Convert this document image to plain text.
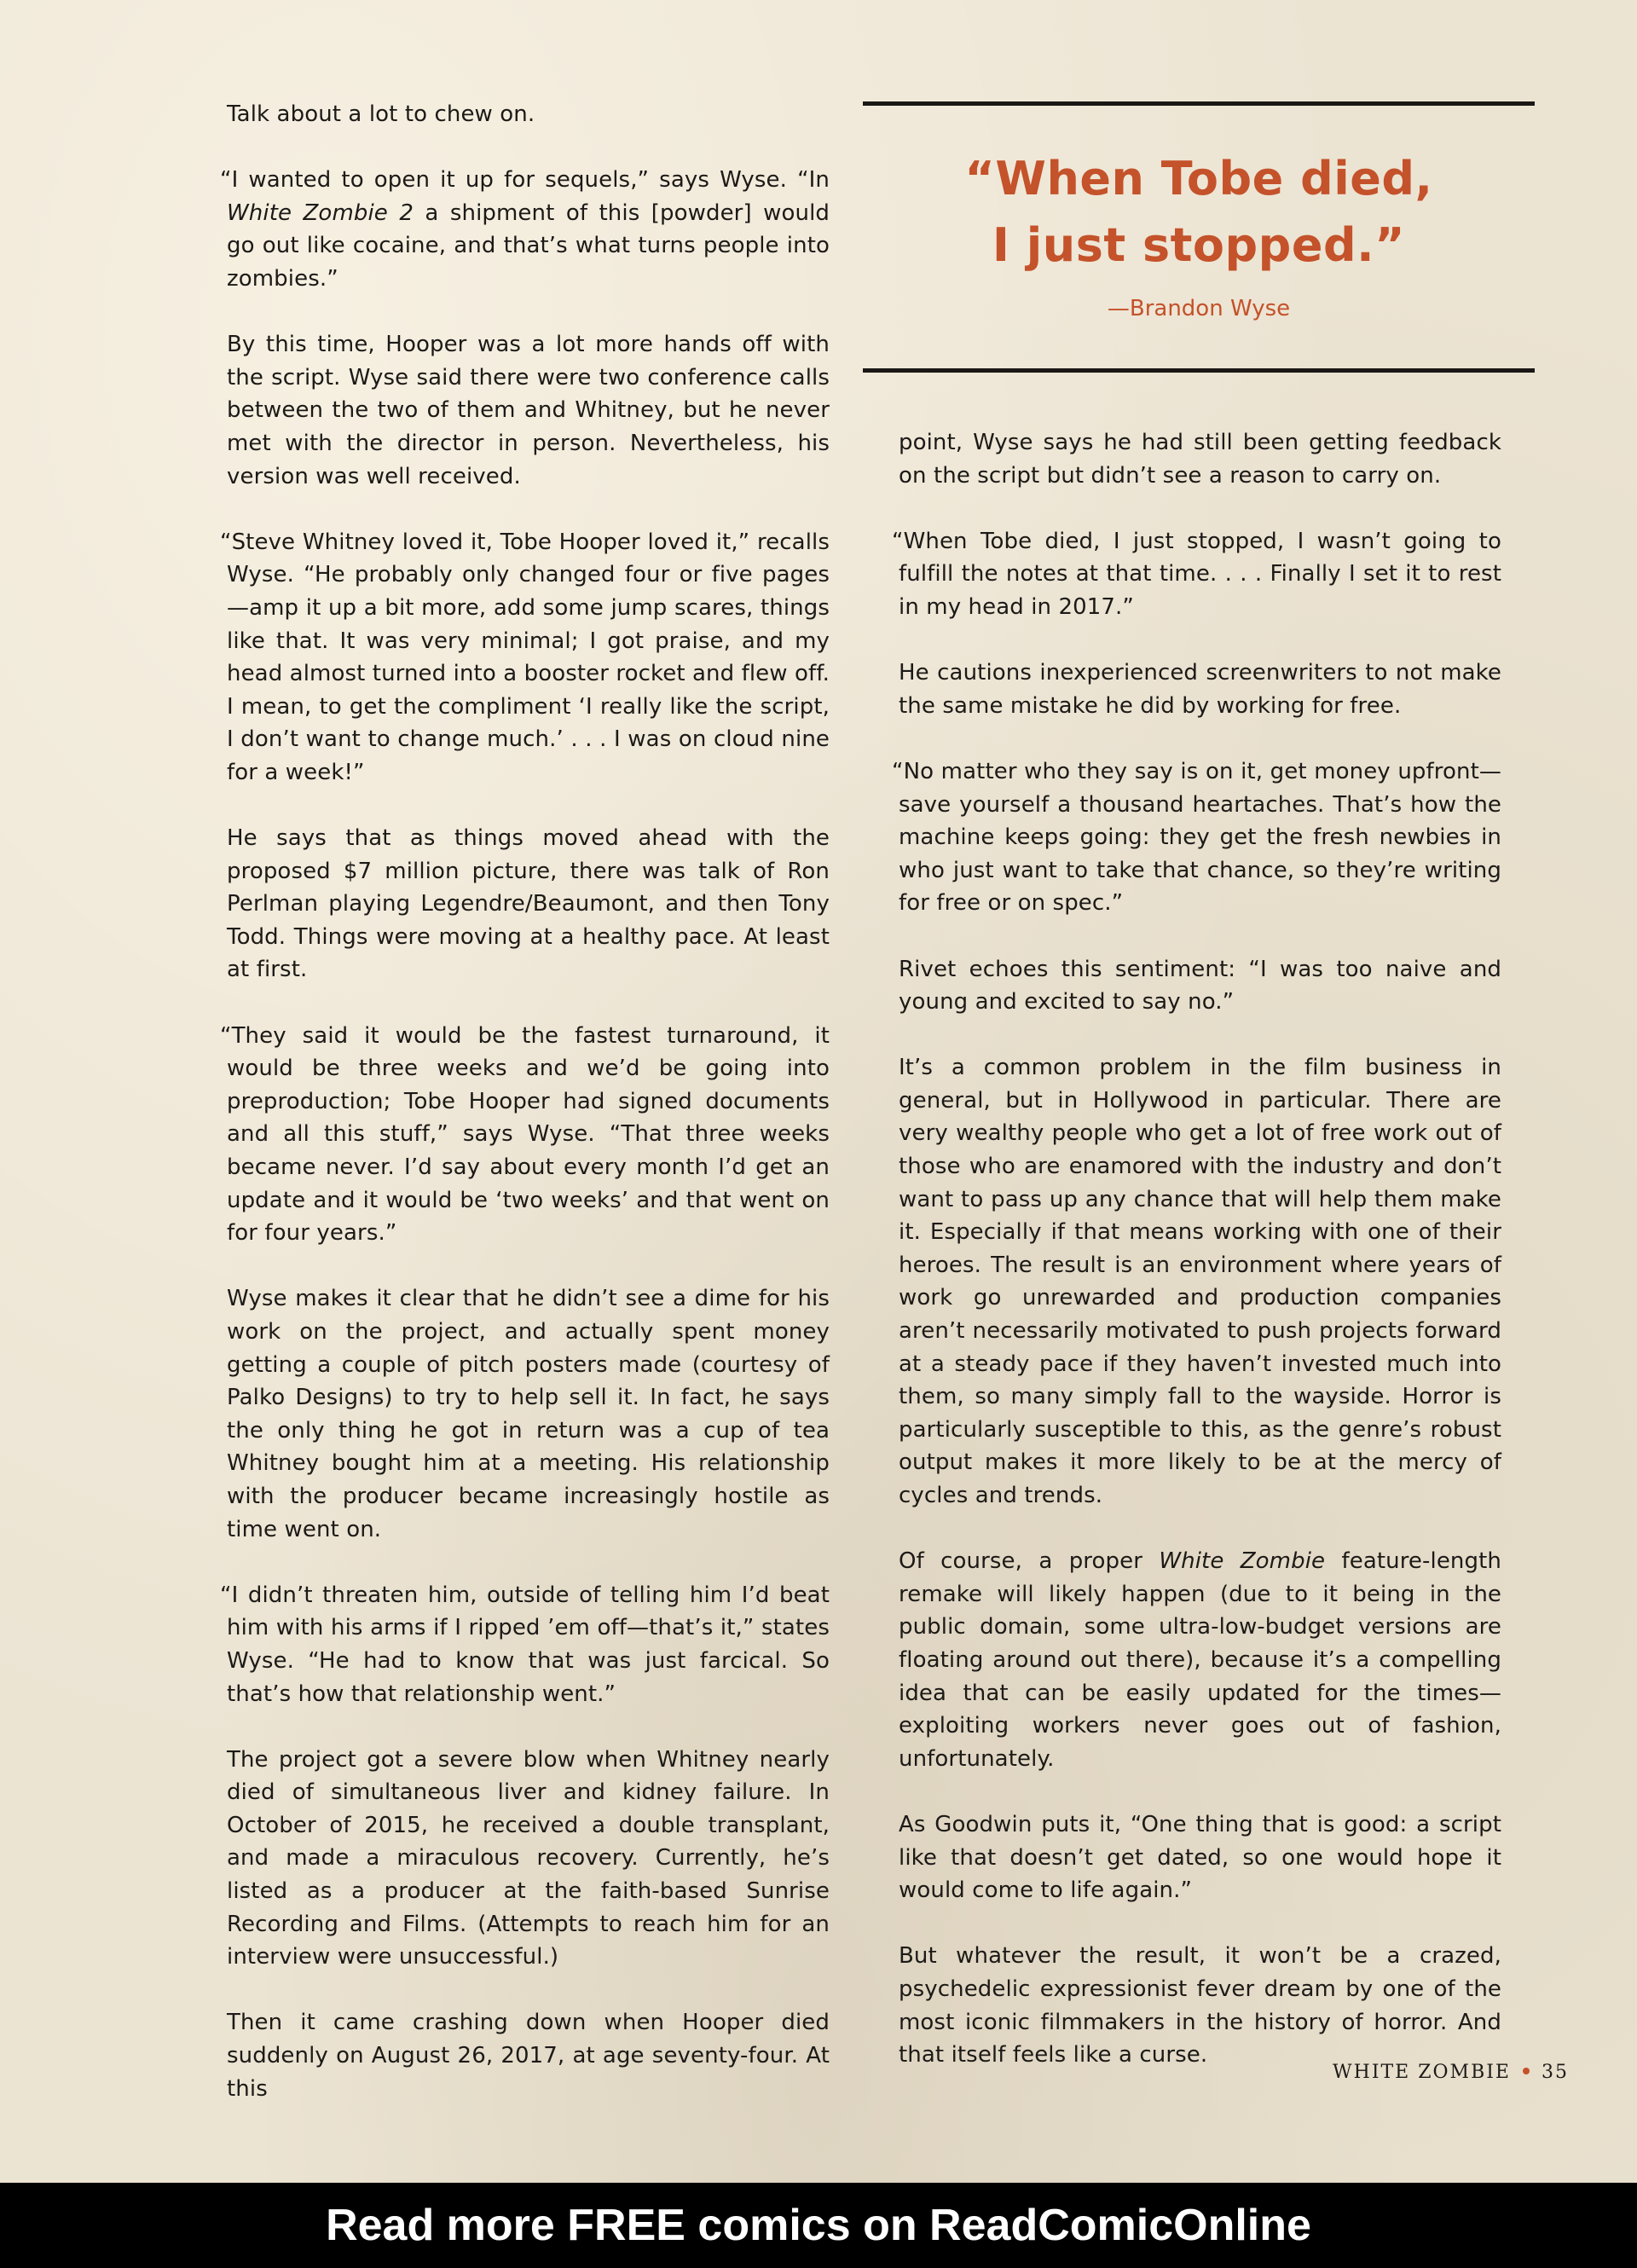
Talk about a lot to chew on.

“I wanted to open it up for sequels,” says Wyse. “In White Zombie 2 a shipment of this [powder] would go out like cocaine, and that’s what turns people into zombies.”

By this time, Hooper was a lot more hands off with the script. Wyse said there were two conference calls between the two of them and Whitney, but he never met with the director in person. Nevertheless, his version was well received.

“Steve Whitney loved it, Tobe Hooper loved it,” recalls Wyse. “He probably only changed four or five pages—amp it up a bit more, add some jump scares, things like that. It was very minimal; I got praise, and my head almost turned into a booster rocket and flew off. I mean, to get the compliment ‘I really like the script, I don’t want to change much.’ . . . I was on cloud nine for a week!”

He says that as things moved ahead with the proposed $7 million picture, there was talk of Ron Perlman playing Legendre/Beaumont, and then Tony Todd. Things were moving at a healthy pace. At least at first.

“They said it would be the fastest turnaround, it would be three weeks and we’d be going into preproduction; Tobe Hooper had signed documents and all this stuff,” says Wyse. “That three weeks became never. I’d say about every month I’d get an update and it would be ‘two weeks’ and that went on for four years.”

Wyse makes it clear that he didn’t see a dime for his work on the project, and actually spent money getting a couple of pitch posters made (courtesy of Palko Designs) to try to help sell it. In fact, he says the only thing he got in return was a cup of tea Whitney bought him at a meeting. His relationship with the producer became increasingly hostile as time went on.

“I didn’t threaten him, outside of telling him I’d beat him with his arms if I ripped ’em off—that’s it,” states Wyse. “He had to know that was just farcical. So that’s how that relationship went.”

The project got a severe blow when Whitney nearly died of simultaneous liver and kidney failure. In October of 2015, he received a double transplant, and made a miraculous recovery. Currently, he’s listed as a producer at the faith-based Sunrise Recording and Films. (Attempts to reach him for an interview were unsuccessful.)

Then it came crashing down when Hooper died suddenly on August 26, 2017, at age seventy-four. At this

“When Tobe died,
I just stopped.”
—Brandon Wyse

point, Wyse says he had still been getting feedback on the script but didn’t see a reason to carry on.

“When Tobe died, I just stopped, I wasn’t going to fulfill the notes at that time. . . . Finally I set it to rest in my head in 2017.”

He cautions inexperienced screenwriters to not make the same mistake he did by working for free.

“No matter who they say is on it, get money upfront—save yourself a thousand heartaches. That’s how the machine keeps going: they get the fresh newbies in who just want to take that chance, so they’re writing for free or on spec.”

Rivet echoes this sentiment: “I was too naive and young and excited to say no.”

It’s a common problem in the film business in general, but in Hollywood in particular. There are very wealthy people who get a lot of free work out of those who are enamored with the industry and don’t want to pass up any chance that will help them make it. Especially if that means working with one of their heroes. The result is an environment where years of work go unrewarded and production companies aren’t necessarily motivated to push projects forward at a steady pace if they haven’t invested much into them, so many simply fall to the wayside. Horror is particularly susceptible to this, as the genre’s robust output makes it more likely to be at the mercy of cycles and trends.

Of course, a proper White Zombie feature-length remake will likely happen (due to it being in the public domain, some ultra-low-budget versions are floating around out there), because it’s a compelling idea that can be easily updated for the times—exploiting workers never goes out of fashion, unfortunately.

As Goodwin puts it, “One thing that is good: a script like that doesn’t get dated, so one would hope it would come to life again.”

But whatever the result, it won’t be a crazed, psychedelic expressionist fever dream by one of the most iconic filmmakers in the history of horror. And that itself feels like a curse.

WHITE ZOMBIE 35
Read more FREE comics on ReadComicOnline
